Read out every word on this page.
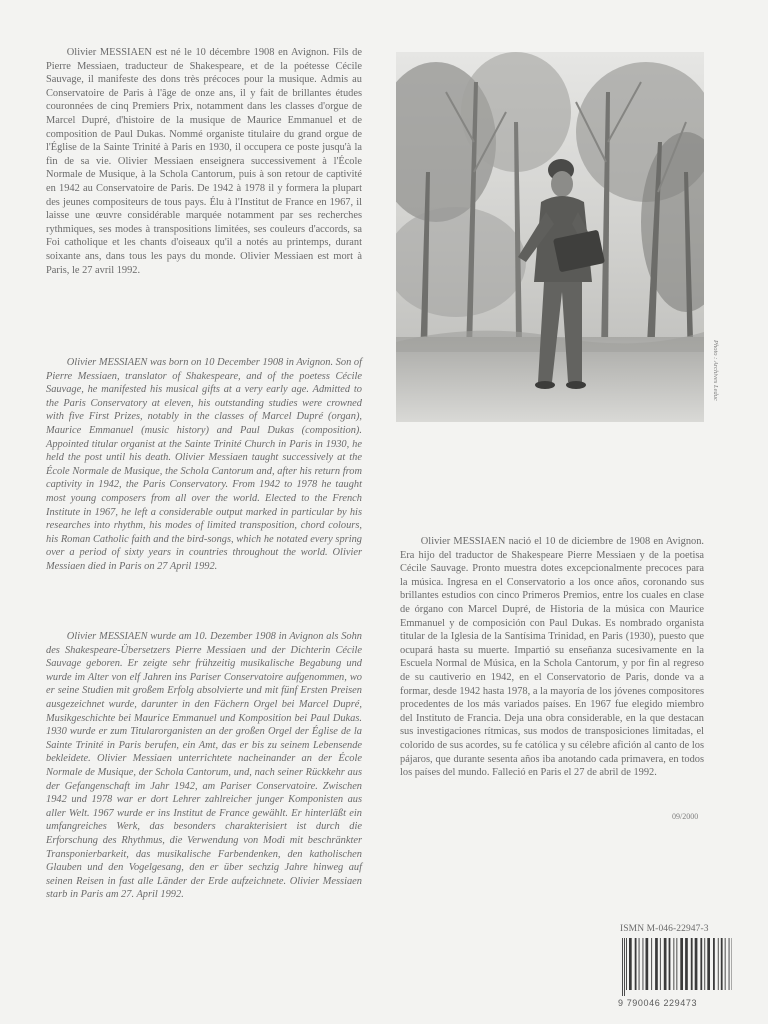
Olivier MESSIAEN est né le 10 décembre 1908 en Avignon. Fils de Pierre Messiaen, traducteur de Shakespeare, et de la poétesse Cécile Sauvage, il manifeste des dons très précoces pour la musique. Admis au Conservatoire de Paris à l'âge de onze ans, il y fait de brillantes études couronnées de cinq Premiers Prix, notamment dans les classes d'orgue de Marcel Dupré, d'histoire de la musique de Maurice Emmanuel et de composition de Paul Dukas. Nommé organiste titulaire du grand orgue de l'Église de la Sainte Trinité à Paris en 1930, il occupera ce poste jusqu'à la fin de sa vie. Olivier Messiaen enseignera successivement à l'École Normale de Musique, à la Schola Cantorum, puis à son retour de captivité en 1942 au Conservatoire de Paris. De 1942 à 1978 il y formera la plupart des jeunes compositeurs de tous pays. Élu à l'Institut de France en 1967, il laisse une œuvre considérable marquée notamment par ses recherches rythmiques, ses modes à transpositions limitées, ses couleurs d'accords, sa Foi catholique et les chants d'oiseaux qu'il a notés au printemps, durant soixante ans, dans tous les pays du monde. Olivier Messiaen est mort à Paris, le 27 avril 1992.

Olivier MESSIAEN was born on 10 December 1908 in Avignon. Son of Pierre Messiaen, translator of Shakespeare, and of the poetess Cécile Sauvage, he manifested his musical gifts at a very early age. Admitted to the Paris Conservatory at eleven, his outstanding studies were crowned with five First Prizes, notably in the classes of Marcel Dupré (organ), Maurice Emmanuel (music history) and Paul Dukas (composition). Appointed titular organist at the Sainte Trinité Church in Paris in 1930, he held the post until his death. Olivier Messiaen taught successively at the École Normale de Musique, the Schola Cantorum and, after his return from captivity in 1942, the Paris Conservatory. From 1942 to 1978 he taught most young composers from all over the world. Elected to the French Institute in 1967, he left a considerable output marked in particular by his researches into rhythm, his modes of limited transposition, chord colours, his Roman Catholic faith and the bird-songs, which he notated every spring over a period of sixty years in countries throughout the world. Olivier Messiaen died in Paris on 27 April 1992.

Olivier MESSIAEN wurde am 10. Dezember 1908 in Avignon als Sohn des Shakespeare-Übersetzers Pierre Messiaen und der Dichterin Cécile Sauvage geboren. Er zeigte sehr frühzeitig musikalische Begabung und wurde im Alter von elf Jahren ins Pariser Conservatoire aufgenommen, wo er seine Studien mit großem Erfolg absolvierte und mit fünf Ersten Preisen ausgezeichnet wurde, darunter in den Fächern Orgel bei Marcel Dupré, Musikgeschichte bei Maurice Emmanuel und Komposition bei Paul Dukas. 1930 wurde er zum Titularorganisten an der großen Orgel der Église de la Sainte Trinité in Paris berufen, ein Amt, das er bis zu seinem Lebensende bekleidete. Olivier Messiaen unterrichtete nacheinander an der École Normale de Musique, der Schola Cantorum, und, nach seiner Rückkehr aus der Gefangenschaft im Jahr 1942, am Pariser Conservatoire. Zwischen 1942 und 1978 war er dort Lehrer zahlreicher junger Komponisten aus aller Welt. 1967 wurde er ins Institut de France gewählt. Er hinterläßt ein umfangreiches Werk, das besonders charakterisiert ist durch die Erforschung des Rhythmus, die Verwendung von Modi mit beschränkter Transponierbarkeit, das musikalische Farbendenken, den katholischen Glauben und den Vogelgesang, den er über sechzig Jahre hinweg auf seinen Reisen in fast alle Länder der Erde aufzeichnete. Olivier Messiaen starb in Paris am 27. April 1992.

Photo : Archives Leduc

Olivier MESSIAEN nació el 10 de diciembre de 1908 en Avignon. Era hijo del traductor de Shakespeare Pierre Messiaen y de la poetisa Cécile Sauvage. Pronto muestra dotes excepcionalmente precoces para la música. Ingresa en el Conservatorio a los once años, coronando sus brillantes estudios con cinco Primeros Premios, entre los cuales en clase de órgano con Marcel Dupré, de Historia de la música con Maurice Emmanuel y de composición con Paul Dukas. Es nombrado organista titular de la Iglesia de la Santísima Trinidad, en Paris (1930), puesto que ocupará hasta su muerte. Impartió su enseñanza sucesivamente en la Escuela Normal de Música, en la Schola Cantorum, y por fin al regreso de su cautiverio en 1942, en el Conservatorio de Paris, donde va a formar, desde 1942 hasta 1978, a la mayoría de los jóvenes compositores procedentes de los más variados países. En 1967 fue elegido miembro del Instituto de Francia. Deja una obra considerable, en la que destacan sus investigaciones rítmicas, sus modos de transposiciones limitadas, el colorido de sus acordes, su fe católica y su célebre afición al canto de los pájaros, que durante sesenta años iba anotando cada primavera, en todos los países del mundo. Falleció en Paris el 27 de abril de 1992.

09/2000
ISMN M-046-22947-3
9 790046 229473
